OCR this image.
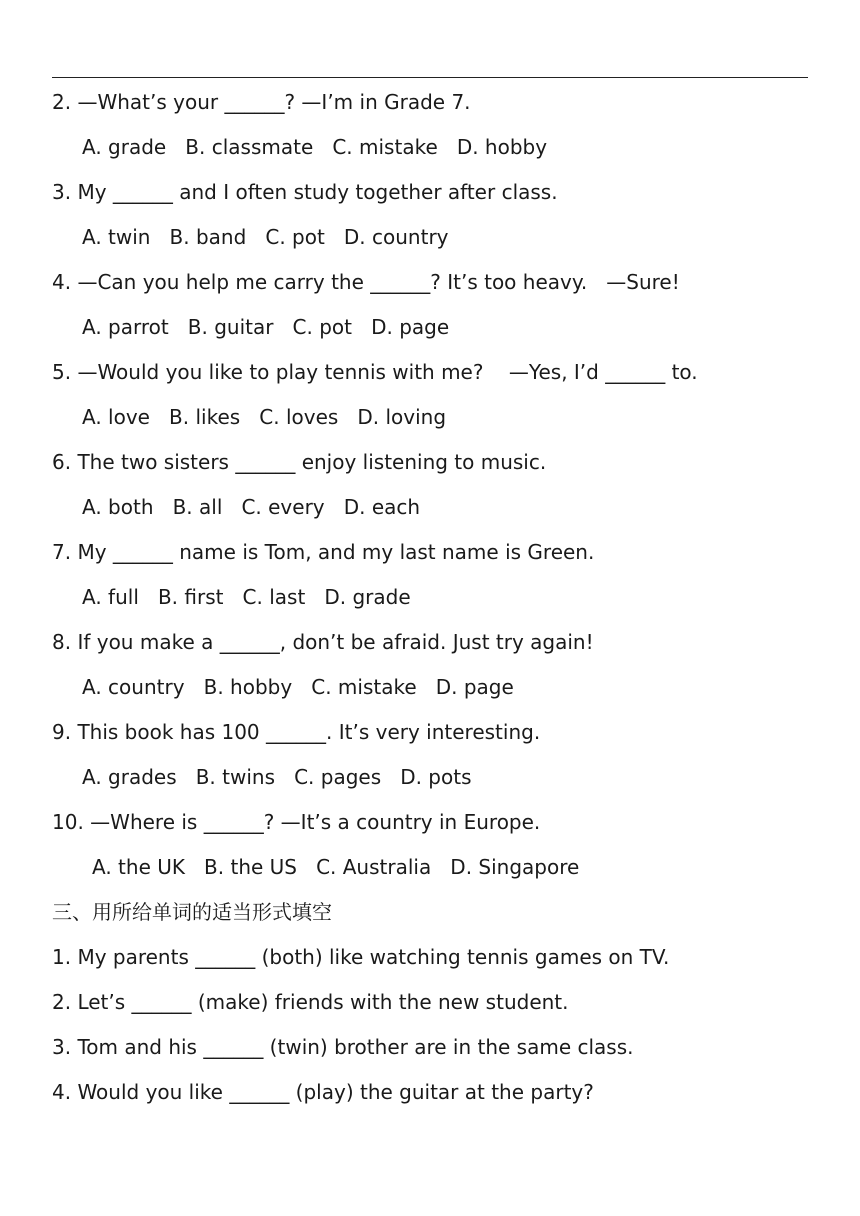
2. —What’s your ______? —I’m in Grade 7.
A. grade   B. classmate   C. mistake   D. hobby
3. My ______ and I often study together after class.
A. twin   B. band   C. pot   D. country
4. —Can you help me carry the ______? It’s too heavy.   —Sure!
A. parrot   B. guitar   C. pot   D. page
5. —Would you like to play tennis with me?    —Yes, I’d ______ to.
A. love   B. likes   C. loves   D. loving
6. The two sisters ______ enjoy listening to music.
A. both   B. all   C. every   D. each
7. My ______ name is Tom, and my last name is Green.
A. full   B. first   C. last   D. grade
8. If you make a ______, don’t be afraid. Just try again!
A. country   B. hobby   C. mistake   D. page
9. This book has 100 ______. It’s very interesting.
A. grades   B. twins   C. pages   D. pots
10. —Where is ______? —It’s a country in Europe.
A. the UK   B. the US   C. Australia   D. Singapore
三、用所给单词的适当形式填空
1. My parents ______ (both) like watching tennis games on TV.
2. Let’s ______ (make) friends with the new student.
3. Tom and his ______ (twin) brother are in the same class.
4. Would you like ______ (play) the guitar at the party?
